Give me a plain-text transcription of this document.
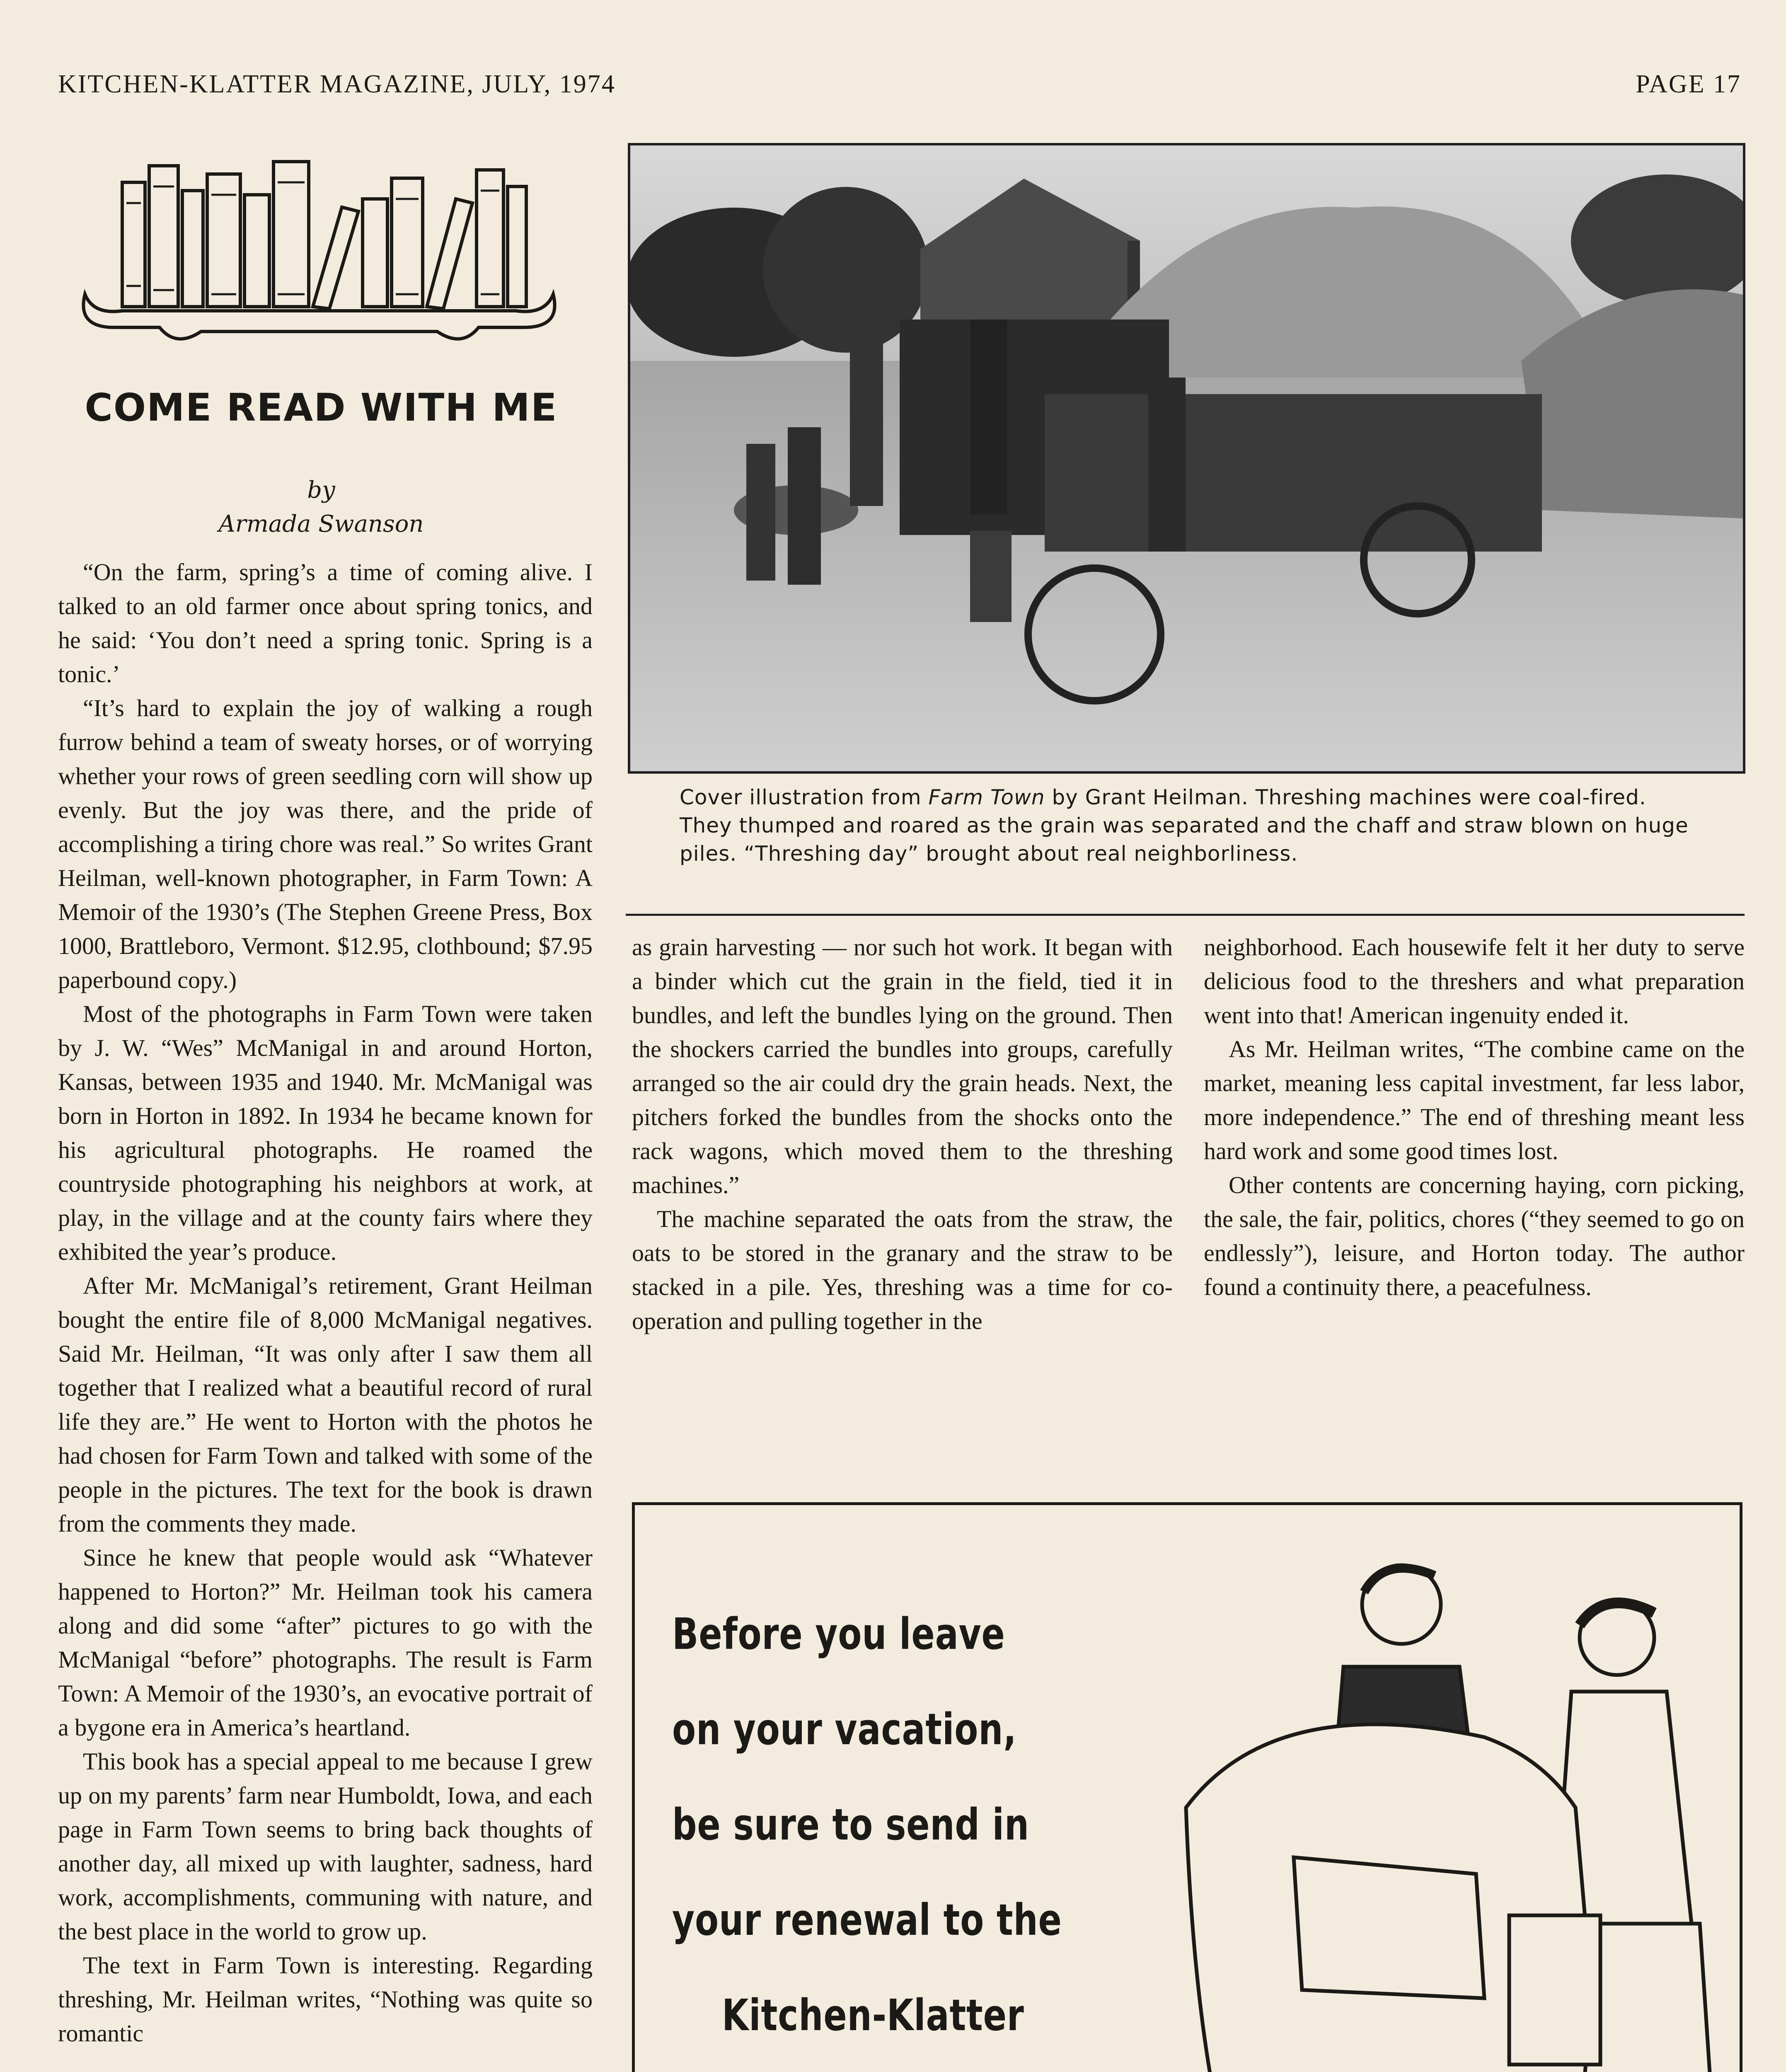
KITCHEN-KLATTER MAGAZINE, JULY, 1974	PAGE 17
COME READ WITH ME
by
Armada Swanson

“On the farm, spring’s a time of coming alive. I talked to an old farmer once about spring tonics, and he said: ‘You don’t need a spring tonic. Spring is a tonic.’

“It’s hard to explain the joy of walking a rough furrow behind a team of sweaty horses, or of worrying whether your rows of green seedling corn will show up evenly. But the joy was there, and the pride of accomplishing a tiring chore was real.” So writes Grant Heilman, well-known photographer, in Farm Town: A Memoir of the 1930’s (The Stephen Greene Press, Box 1000, Brattleboro, Vermont. $12.95, clothbound; $7.95 paperbound copy.)

Most of the photographs in Farm Town were taken by J. W. “Wes” McManigal in and around Horton, Kansas, between 1935 and 1940. Mr. McManigal was born in Horton in 1892. In 1934 he became known for his agricultural photographs. He roamed the countryside photographing his neighbors at work, at play, in the village and at the county fairs where they exhibited the year’s produce.

After Mr. McManigal’s retirement, Grant Heilman bought the entire file of 8,000 McManigal negatives. Said Mr. Heilman, “It was only after I saw them all together that I realized what a beautiful record of rural life they are.” He went to Horton with the photos he had chosen for Farm Town and talked with some of the people in the pictures. The text for the book is drawn from the comments they made.

Since he knew that people would ask “Whatever happened to Horton?” Mr. Heilman took his camera along and did some “after” pictures to go with the McManigal “before” photographs. The result is Farm Town: A Memoir of the 1930’s, an evocative portrait of a bygone era in America’s heartland.

This book has a special appeal to me because I grew up on my parents’ farm near Humboldt, Iowa, and each page in Farm Town seems to bring back thoughts of another day, all mixed up with laughter, sadness, hard work, accomplishments, communing with nature, and the best place in the world to grow up.

The text in Farm Town is interesting. Regarding threshing, Mr. Heilman writes, “Nothing was quite so romantic

Cover illustration from Farm Town by Grant Heilman. Threshing machines were coal-fired. They thumped and roared as the grain was separated and the chaff and straw blown on huge piles. “Threshing day” brought about real neighborliness.

as grain harvesting — nor such hot work. It began with a binder which cut the grain in the field, tied it in bundles, and left the bundles lying on the ground. Then the shockers carried the bundles into groups, carefully arranged so the air could dry the grain heads. Next, the pitchers forked the bundles from the shocks onto the rack wagons, which moved them to the threshing machines.”

The machine separated the oats from the straw, the oats to be stored in the granary and the straw to be stacked in a pile. Yes, threshing was a time for co-operation and pulling together in the

neighborhood. Each housewife felt it her duty to serve delicious food to the threshers and what preparation went into that! American ingenuity ended it.

As Mr. Heilman writes, “The combine came on the market, meaning less capital investment, far less labor, more independence.” The end of threshing meant less hard work and some good times lost.

Other contents are concerning haying, corn picking, the sale, the fair, politics, chores (“they seemed to go on endlessly”), leisure, and Horton today. The author found a continuity there, a peacefulness.

Before you leave
on your vacation,
be sure to send in
your renewal to the
Kitchen-Klatter
